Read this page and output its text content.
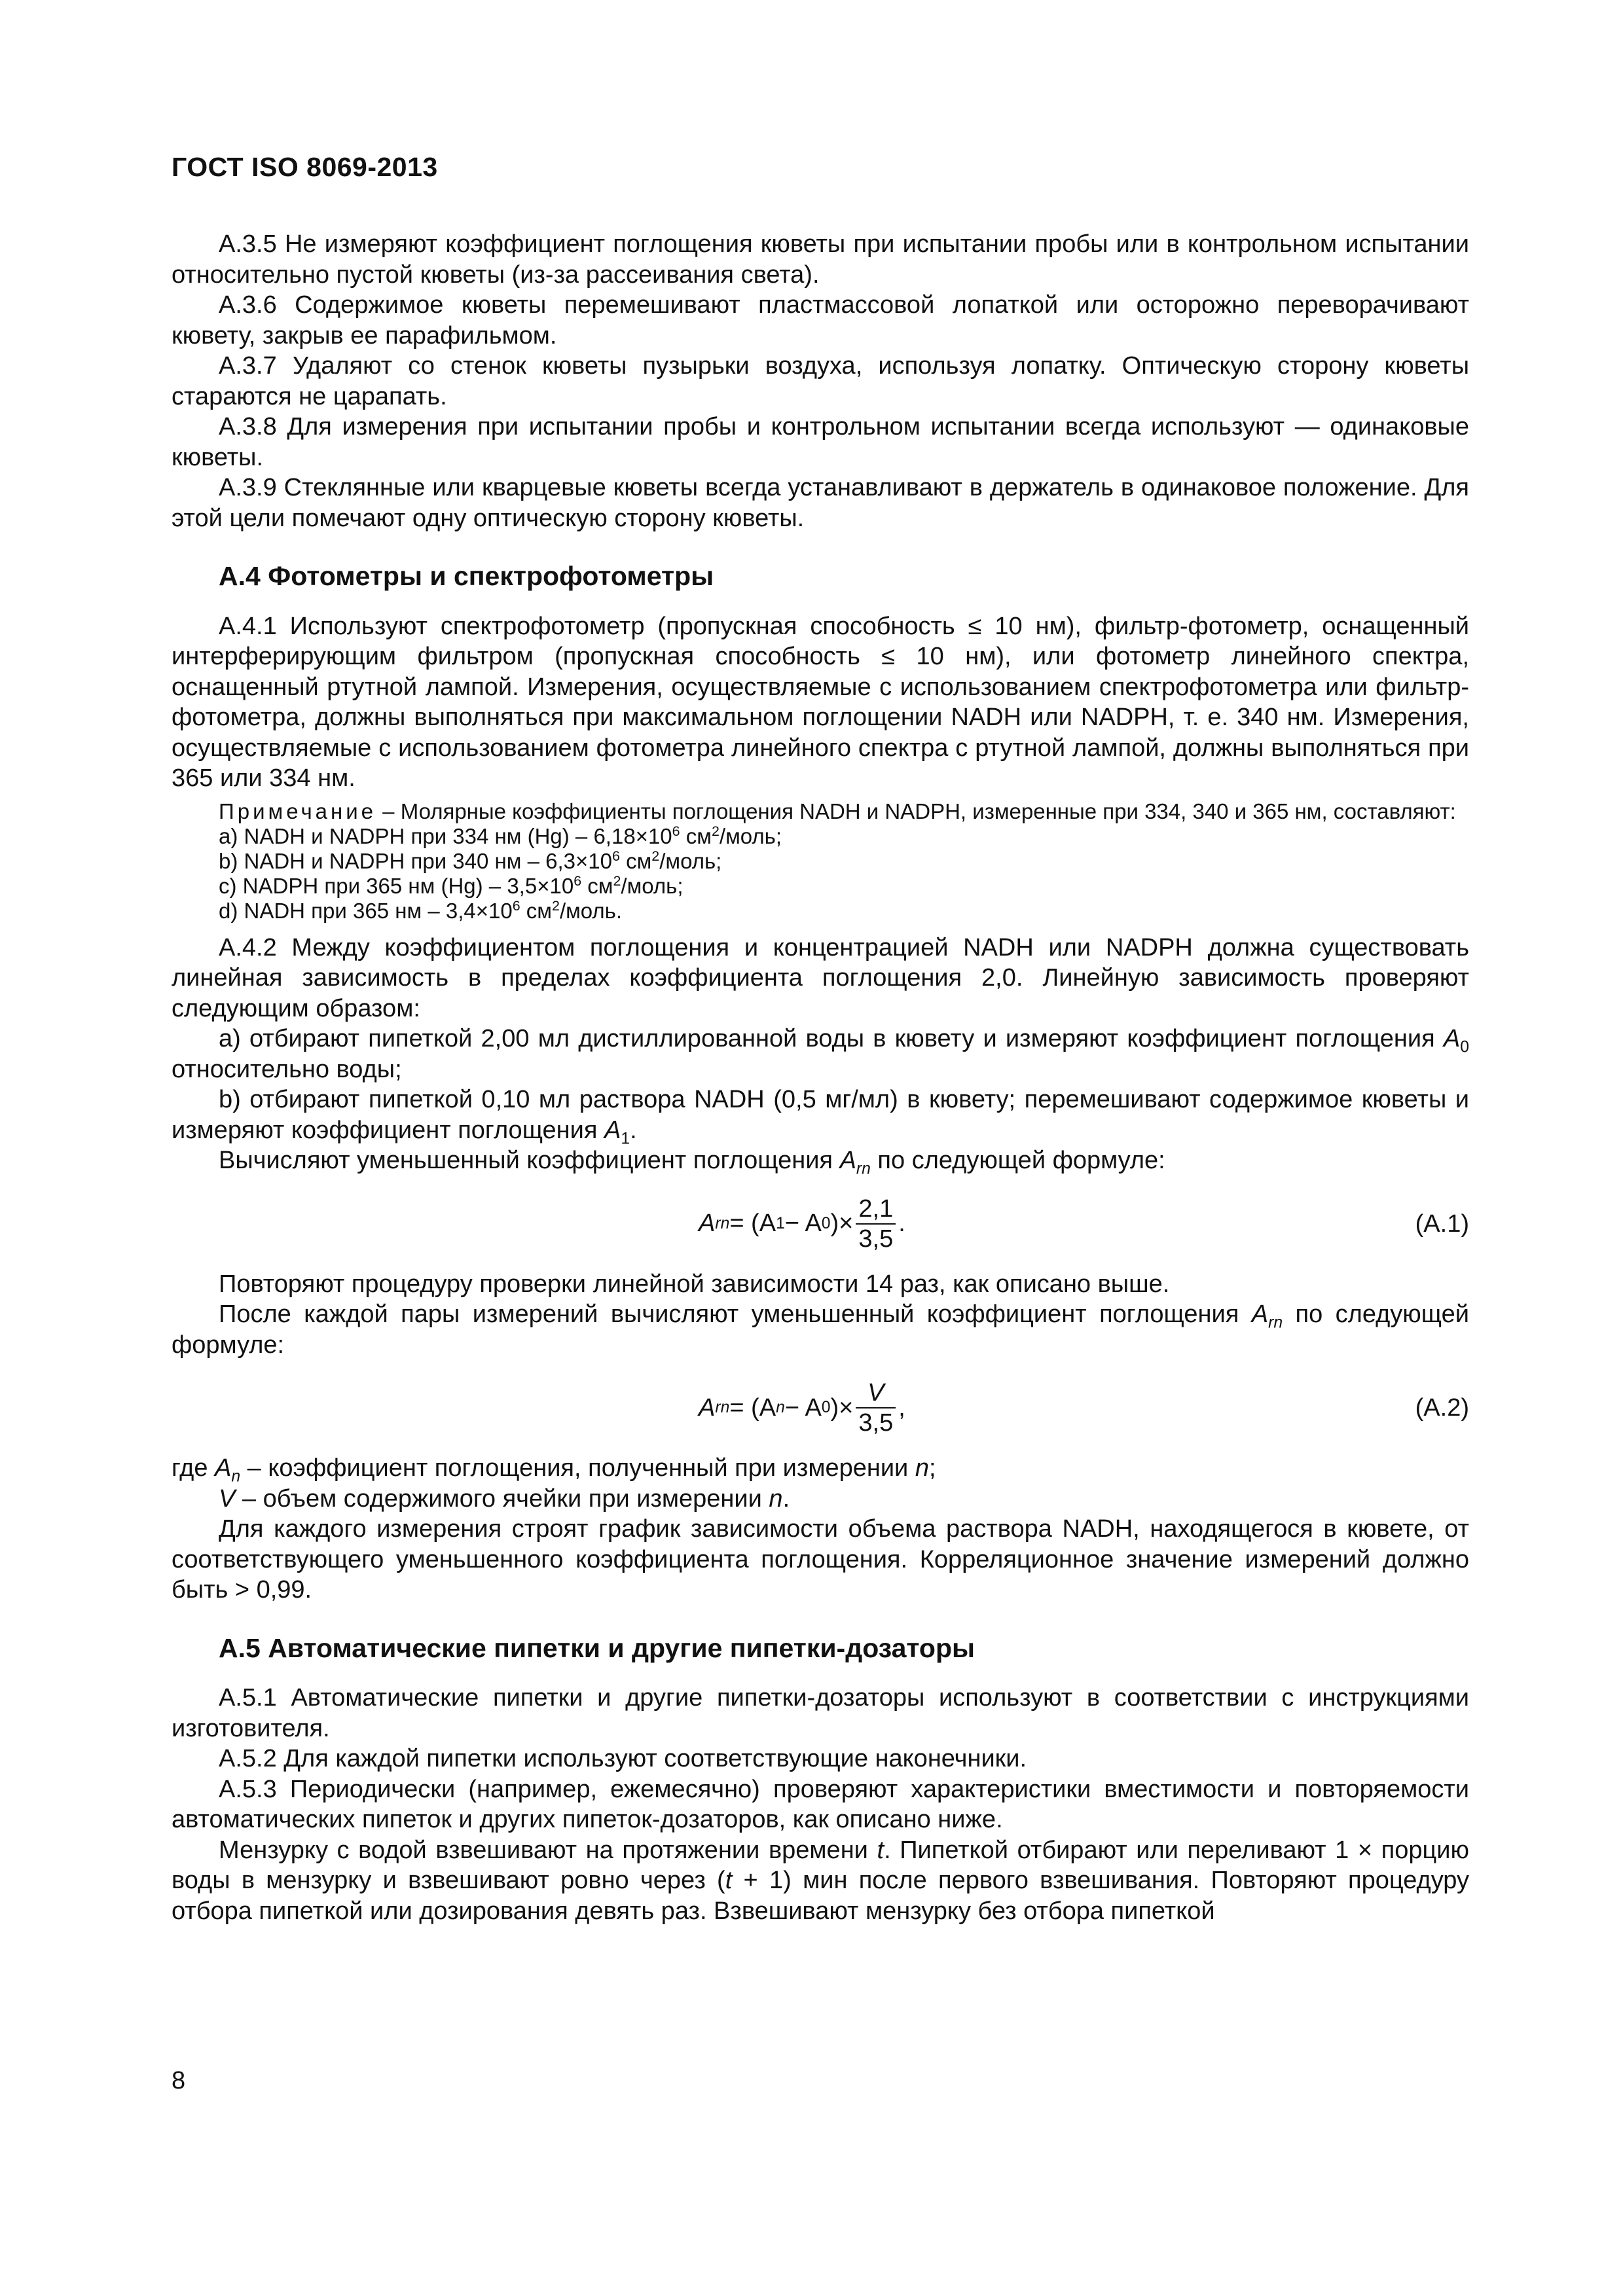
ГОСТ ISO 8069-2013

А.3.5 Не измеряют коэффициент поглощения кюветы при испытании пробы или в контрольном испытании относительно пустой кюветы (из-за рассеивания света).

А.3.6 Содержимое кюветы перемешивают пластмассовой лопаткой или осторожно переворачивают кювету, закрыв ее парафильмом.

А.3.7 Удаляют со стенок кюветы пузырьки воздуха, используя лопатку. Оптическую сторону кюветы стараются не царапать.

А.3.8 Для измерения при испытании пробы и контрольном испытании всегда используют — одинаковые кюветы.

А.3.9 Стеклянные или кварцевые кюветы всегда устанавливают в держатель в одинаковое положение. Для этой цели помечают одну оптическую сторону кюветы.

А.4 Фотометры и спектрофотометры

А.4.1 Используют спектрофотометр (пропускная способность ≤ 10 нм), фильтр-фотометр, оснащенный интерферирующим фильтром (пропускная способность ≤ 10 нм), или фотометр линейного спектра, оснащенный ртутной лампой. Измерения, осуществляемые с использованием спектрофотометра или фильтр-фотометра, должны выполняться при максимальном поглощении NADH или NADPH, т. е. 340 нм. Измерения, осуществляемые с использованием фотометра линейного спектра с ртутной лампой, должны выполняться при 365 или 334 нм.

Примечание – Молярные коэффициенты поглощения NADH и NADPH, измеренные при 334, 340 и 365 нм, составляют:

a) NADH и NADPH при 334 нм $(Hg) - 6,18\times 10^6$ $см^2$/моль;

b) NADH и NADPH при 340 нм – $6,3\times 10^6$ $см^2$/моль;

c) NADPH при 365 нм $(Hg) - 3,5\times 10^6$ $см^2$/моль;

d) NADH при 365 нм – $3,4\times 10^6$ $см^2$/моль.

А.4.2 Между коэффициентом поглощения и концентрацией NADH или NADPH должна существовать линейная зависимость в пределах коэффициента поглощения 2,0. Линейную зависимость проверяют следующим образом:

a) отбирают пипеткой 2,00 мл дистиллированной воды в кювету и измеряют коэффициент поглощения $A_0$ относительно воды;

b) отбирают пипеткой 0,10 мл раствора NADH (0,5 мг/мл) в кювету; перемешивают содержимое кюветы и измеряют коэффициент поглощения $A_1$.

Вычисляют уменьшенный коэффициент поглощения $A_{rn}$ по следующей формуле:

A rn = (A 1 − A 0 )× $\frac{2,1}{3,5}$ .	(А.1)

Повторяют процедуру проверки линейной зависимости 14 раз, как описано выше.

После каждой пары измерений вычисляют уменьшенный коэффициент поглощения $A_{rn}$ по следующей формуле:

A rn = (A n − A 0 )× $\frac{V}{3,5}$ ,	(А.2)

где $A_n$ – коэффициент поглощения, полученный при измерении n;

V – объем содержимого ячейки при измерении n.

Для каждого измерения строят график зависимости объема раствора NADH, находящегося в кювете, от соответствующего уменьшенного коэффициента поглощения. Корреляционное значение измерений должно быть > 0,99.

А.5 Автоматические пипетки и другие пипетки-дозаторы

А.5.1 Автоматические пипетки и другие пипетки-дозаторы используют в соответствии с инструкциями изготовителя.

А.5.2 Для каждой пипетки используют соответствующие наконечники.

А.5.3 Периодически (например, ежемесячно) проверяют характеристики вместимости и повторяемости автоматических пипеток и других пипеток-дозаторов, как описано ниже.

Мензурку с водой взвешивают на протяжении времени t. Пипеткой отбирают или переливают 1 × порцию воды в мензурку и взвешивают ровно через (t + 1) мин после первого взвешивания. Повторяют процедуру отбора пипеткой или дозирования девять раз. Взвешивают мензурку без отбора пипеткой

8
